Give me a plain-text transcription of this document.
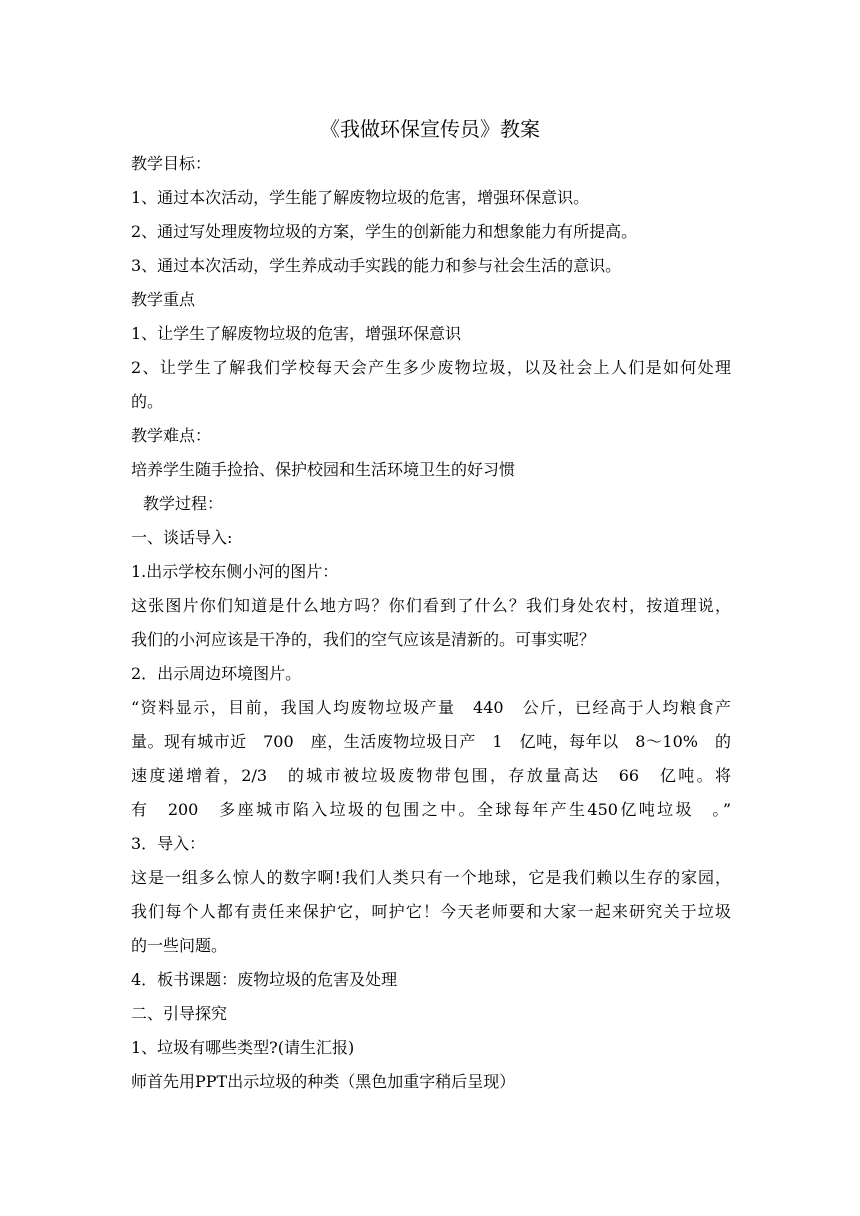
《我做环保宣传员》教案
教学目标：
1、通过本次活动，学生能了解废物垃圾的危害，增强环保意识。
2、通过写处理废物垃圾的方案，学生的创新能力和想象能力有所提高。
3、通过本次活动，学生养成动手实践的能力和参与社会生活的意识。
教学重点
1、让学生了解废物垃圾的危害，增强环保意识
2、让学生了解我们学校每天会产生多少废物垃圾，以及社会上人们是如何处理
的。
教学难点：
培养学生随手捡拾、保护校园和生活环境卫生的好习惯
教学过程：
一、谈话导入:
1.出示学校东侧小河的图片：
这张图片你们知道是什么地方吗？你们看到了什么？我们身处农村，按道理说，
我们的小河应该是干净的，我们的空气应该是清新的。可事实呢？
2．出示周边环境图片。
“资料显示，目前，我国人均废物垃圾产量　440　公斤，已经高于人均粮食产
量。现有城市近　700　座，生活废物垃圾日产　1　亿吨，每年以　8～10%　的
速度递增着，2/3　的城市被垃圾废物带包围，存放量高达　66　亿吨。将
有　200　多座城市陷入垃圾的包围之中。全球每年产生450亿吨垃圾　。”
3．导入：
这是一组多么惊人的数字啊!我们人类只有一个地球，它是我们赖以生存的家园，
我们每个人都有责任来保护它，呵护它！今天老师要和大家一起来研究关于垃圾
的一些问题。
4．板书课题：废物垃圾的危害及处理
二、引导探究
1、垃圾有哪些类型?(请生汇报)
师首先用PPT出示垃圾的种类（黑色加重字稍后呈现）
